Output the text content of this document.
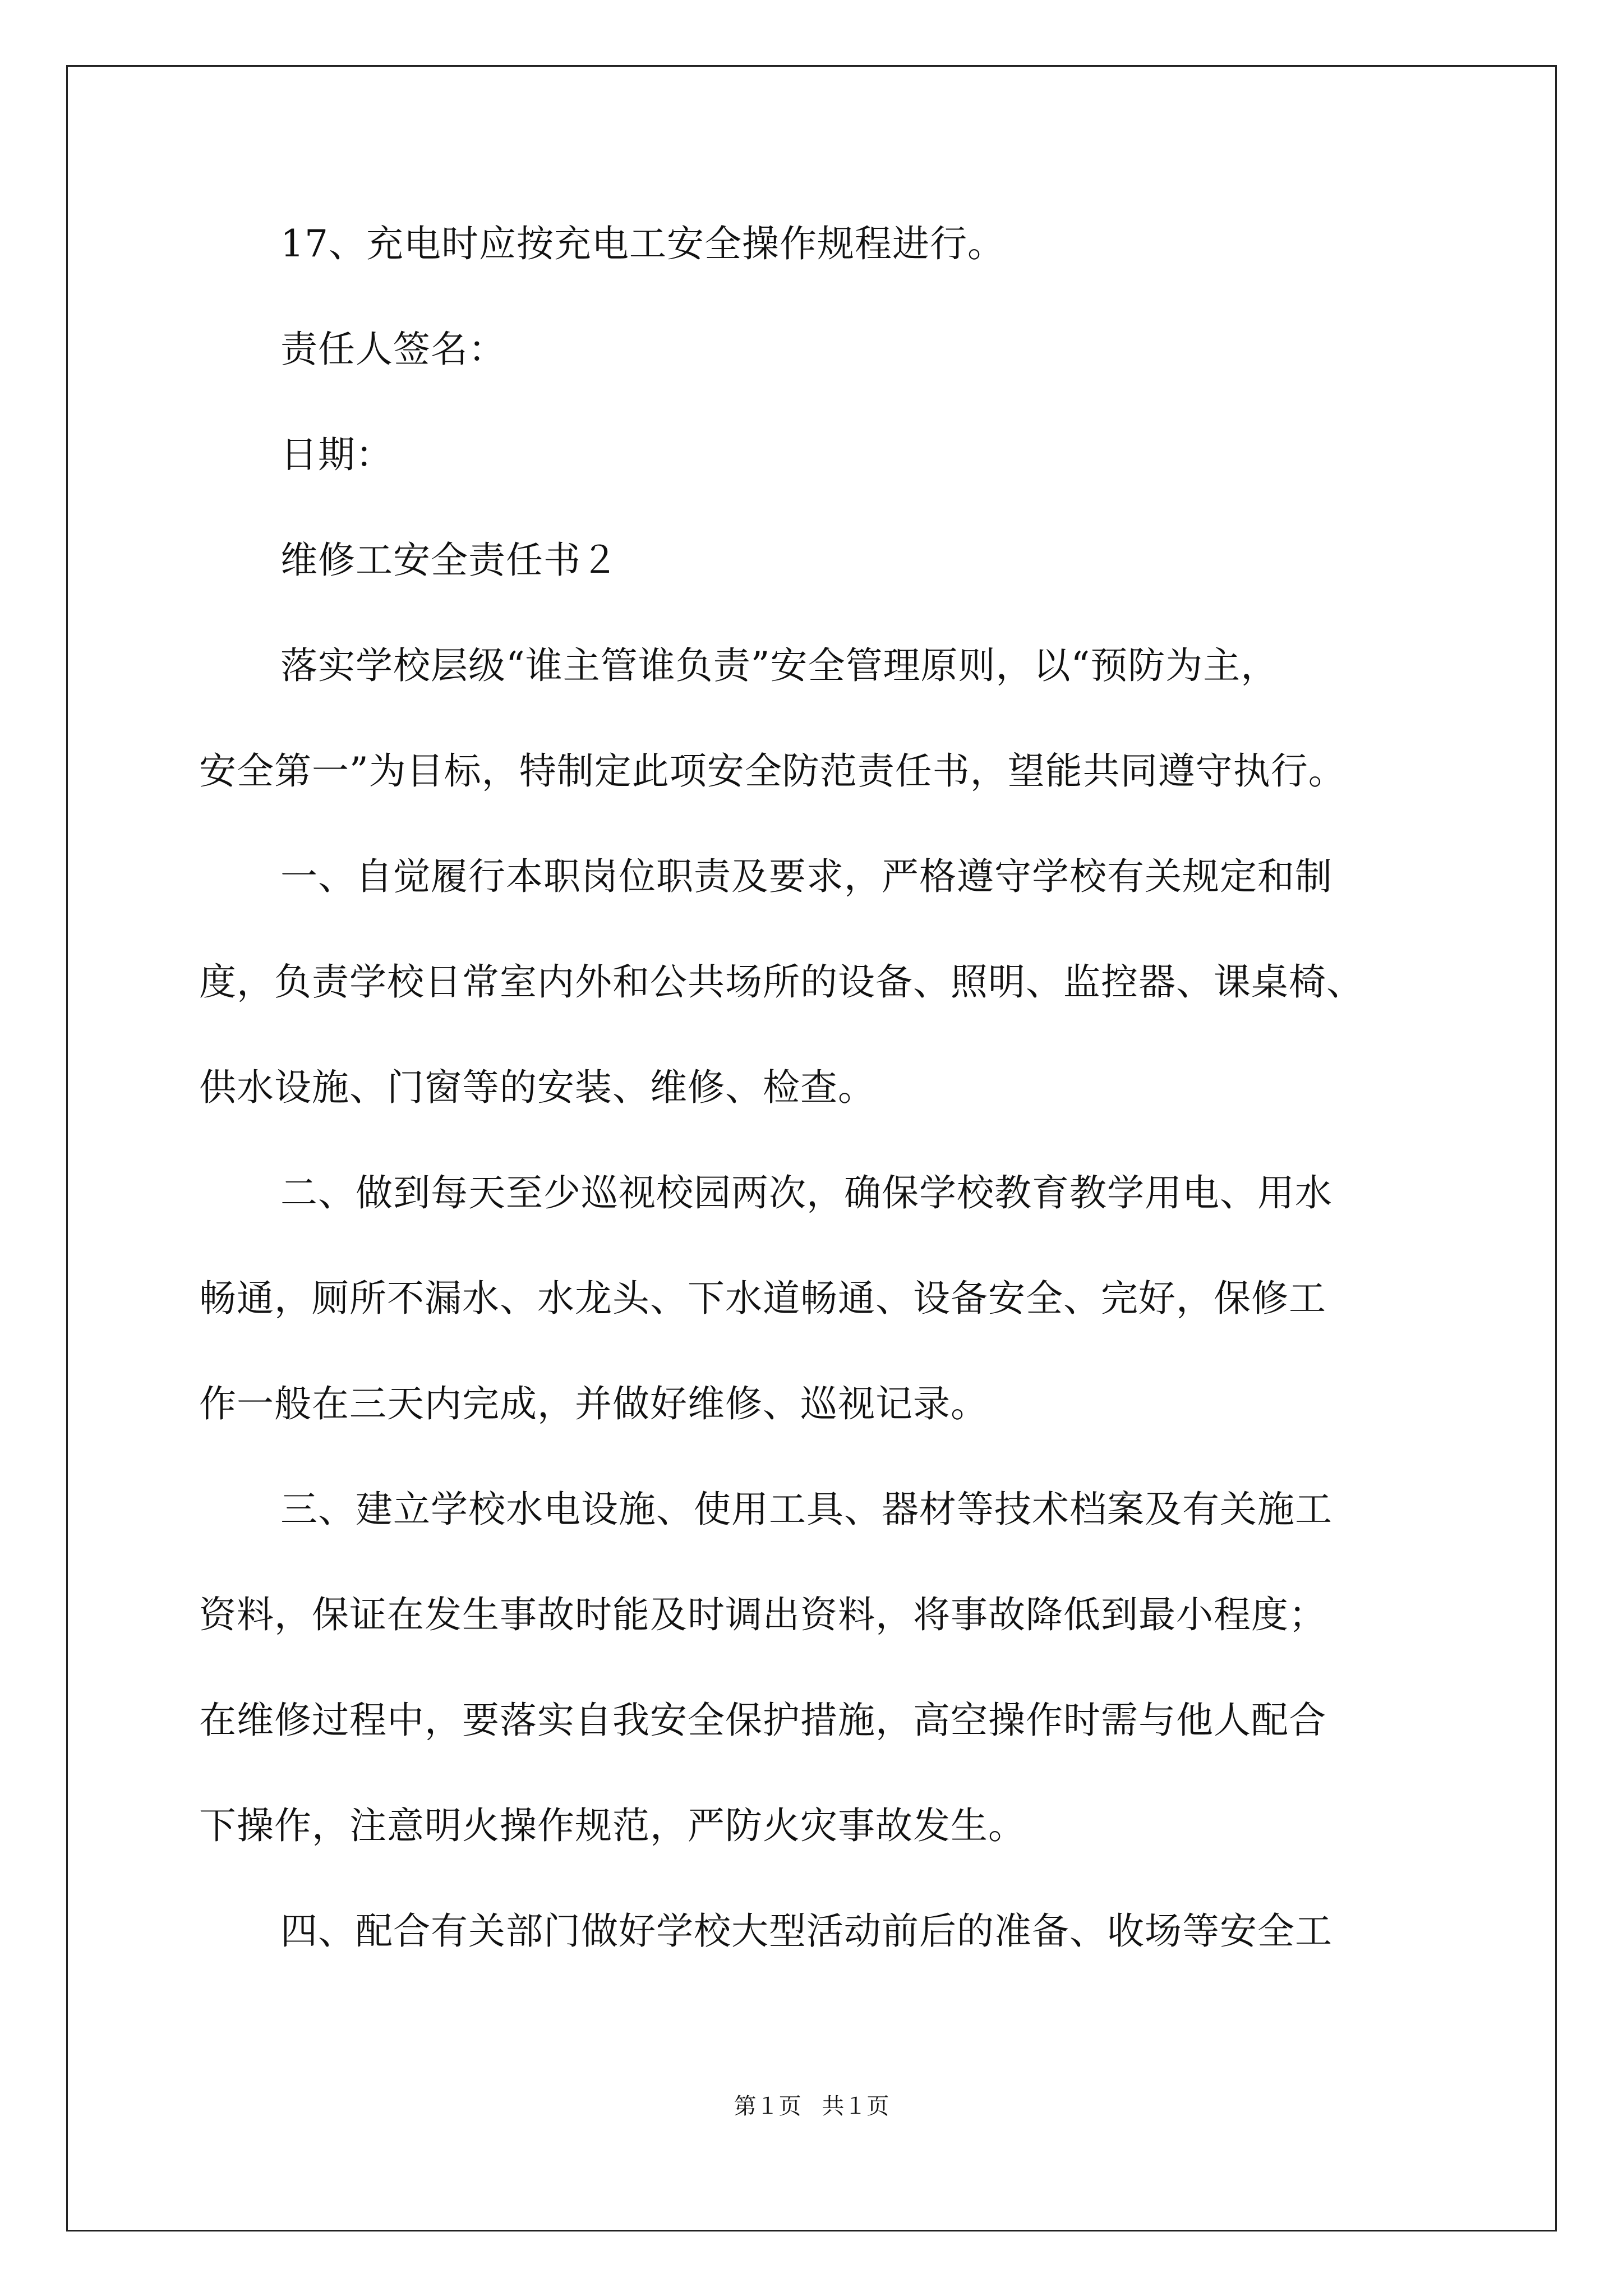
17、充电时应按充电工安全操作规程进行。
责任人签名：
日期：
维修工安全责任书２
落实学校层级“谁主管谁负责”安全管理原则，以“预防为主，
安全第一”为目标，特制定此项安全防范责任书，望能共同遵守执行。
一、自觉履行本职岗位职责及要求，严格遵守学校有关规定和制
度，负责学校日常室内外和公共场所的设备、照明、监控器、课桌椅、
供水设施、门窗等的安装、维修、检查。
二、做到每天至少巡视校园两次，确保学校教育教学用电、用水
畅通，厕所不漏水、水龙头、下水道畅通、设备安全、完好，保修工
作一般在三天内完成，并做好维修、巡视记录。
三、建立学校水电设施、使用工具、器材等技术档案及有关施工
资料，保证在发生事故时能及时调出资料，将事故降低到最小程度；
在维修过程中，要落实自我安全保护措施，高空操作时需与他人配合
下操作，注意明火操作规范，严防火灾事故发生。
四、配合有关部门做好学校大型活动前后的准备、收场等安全工
第１页 共１页
